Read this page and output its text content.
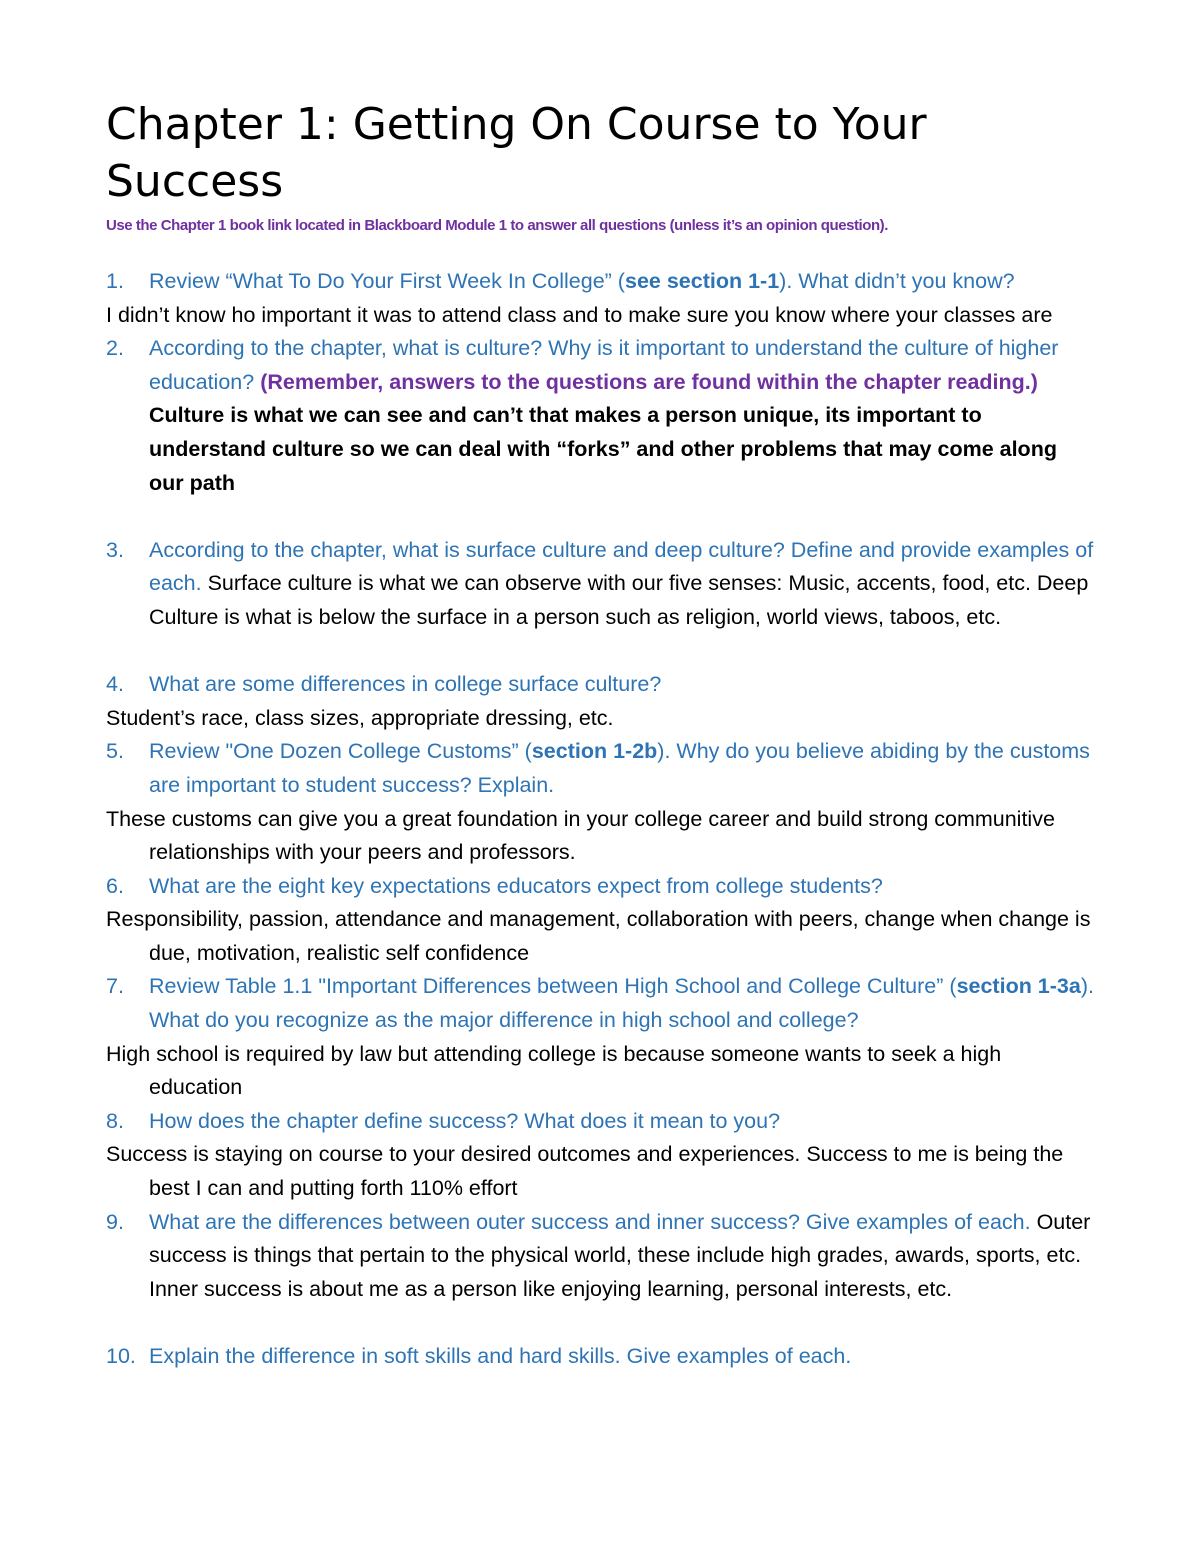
Chapter 1: Getting On Course to Your Success
Use the Chapter 1 book link located in Blackboard Module 1 to answer all questions (unless it’s an opinion question).
1. Review “What To Do Your First Week In College” (see section 1-1). What didn’t you know?
I didn’t know ho important it was to attend class and to make sure you know where your classes are
2. According to the chapter, what is culture? Why is it important to understand the culture of higher education? (Remember, answers to the questions are found within the chapter reading.) Culture is what we can see and can’t that makes a person unique, its important to understand culture so we can deal with “forks” and other problems that may come along our path
3. According to the chapter, what is surface culture and deep culture? Define and provide examples of each. Surface culture is what we can observe with our five senses: Music, accents, food, etc. Deep Culture is what is below the surface in a person such as religion, world views, taboos, etc.
4. What are some differences in college surface culture?
Student’s race, class sizes, appropriate dressing, etc.
5. Review "One Dozen College Customs” (section 1-2b). Why do you believe abiding by the customs are important to student success? Explain.
These customs can give you a great foundation in your college career and build strong communitive relationships with your peers and professors.
6. What are the eight key expectations educators expect from college students?
Responsibility, passion, attendance and management, collaboration with peers, change when change is due, motivation, realistic self confidence
7. Review Table 1.1 "Important Differences between High School and College Culture” (section 1-3a). What do you recognize as the major difference in high school and college?
High school is required by law but attending college is because someone wants to seek a high education
8. How does the chapter define success? What does it mean to you?
Success is staying on course to your desired outcomes and experiences. Success to me is being the best I can and putting forth 110% effort
9. What are the differences between outer success and inner success? Give examples of each. Outer success is things that pertain to the physical world, these include high grades, awards, sports, etc. Inner success is about me as a person like enjoying learning, personal interests, etc.
10. Explain the difference in soft skills and hard skills. Give examples of each.
